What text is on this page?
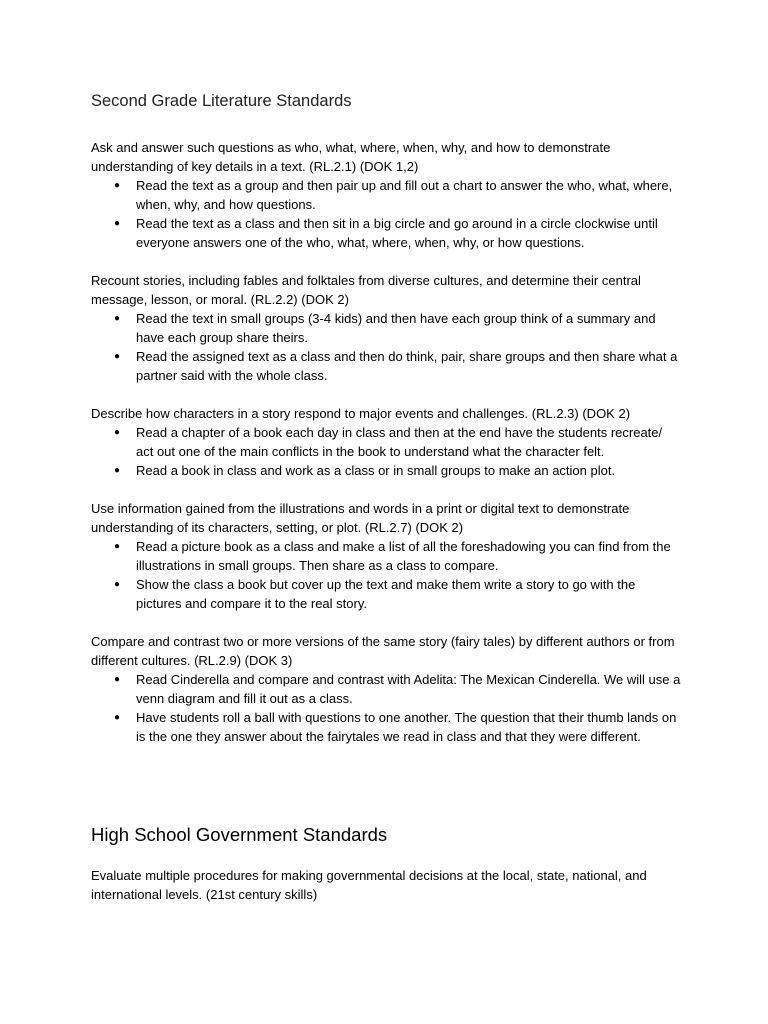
Second Grade Literature Standards

Ask and answer such questions as who, what, where, when, why, and how to demonstrate understanding of key details in a text. (RL.2.1) (DOK 1,2)

● Read the text as a group and then pair up and fill out a chart to answer the who, what, where, when, why, and how questions.
● Read the text as a class and then sit in a big circle and go around in a circle clockwise until everyone answers one of the who, what, where, when, why, or how questions.

Recount stories, including fables and folktales from diverse cultures, and determine their central message, lesson, or moral. (RL.2.2) (DOK 2)

● Read the text in small groups (3-4 kids) and then have each group think of a summary and have each group share theirs.
● Read the assigned text as a class and then do think, pair, share groups and then share what a partner said with the whole class.

Describe how characters in a story respond to major events and challenges. (RL.2.3) (DOK 2)

● Read a chapter of a book each day in class and then at the end have the students recreate/ act out one of the main conflicts in the book to understand what the character felt.
● Read a book in class and work as a class or in small groups to make an action plot.

Use information gained from the illustrations and words in a print or digital text to demonstrate understanding of its characters, setting, or plot. (RL.2.7) (DOK 2)

● Read a picture book as a class and make a list of all the foreshadowing you can find from the illustrations in small groups. Then share as a class to compare.
● Show the class a book but cover up the text and make them write a story to go with the pictures and compare it to the real story.

Compare and contrast two or more versions of the same story (fairy tales) by different authors or from different cultures. (RL.2.9) (DOK 3)

● Read Cinderella and compare and contrast with Adelita: The Mexican Cinderella. We will use a venn diagram and fill it out as a class.
● Have students roll a ball with questions to one another. The question that their thumb lands on is the one they answer about the fairytales we read in class and that they were different.
High School Government Standards

Evaluate multiple procedures for making governmental decisions at the local, state, national, and international levels. (21st century skills)
